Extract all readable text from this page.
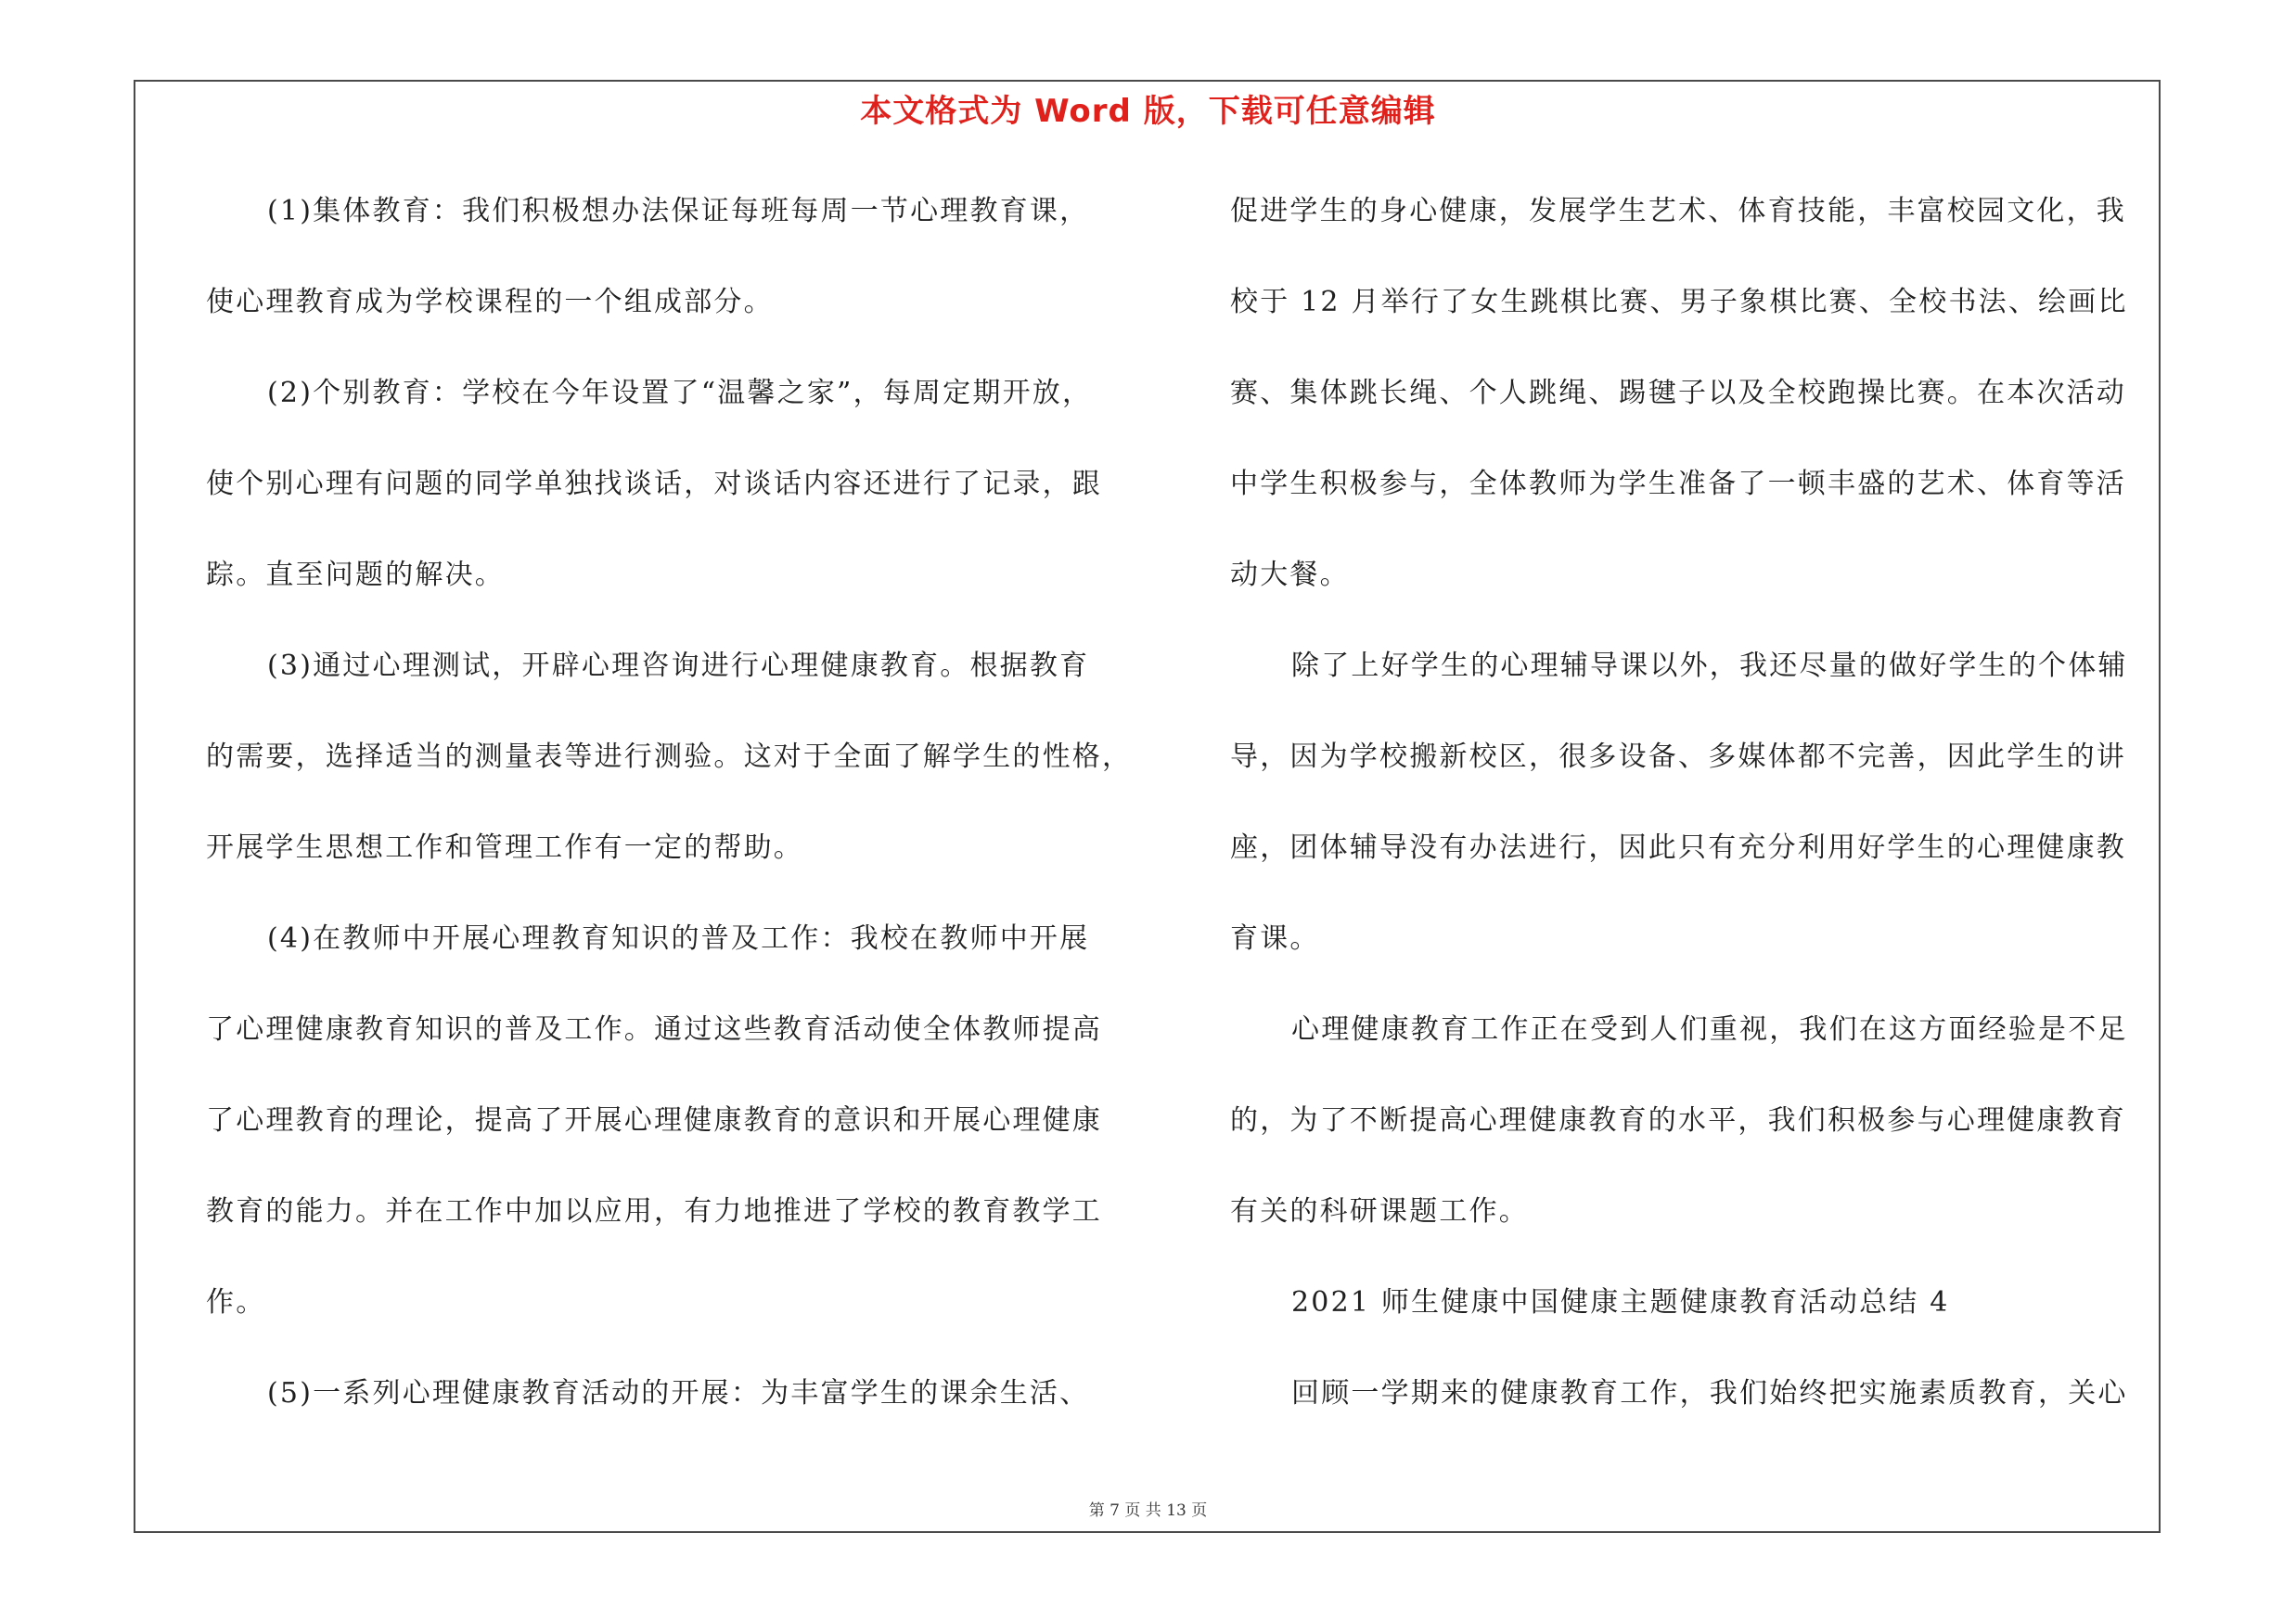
本文格式为 Word 版，下载可任意编辑
(1)集体教育：我们积极想办法保证每班每周一节心理教育课，
使心理教育成为学校课程的一个组成部分。
(2)个别教育：学校在今年设置了“温馨之家”，每周定期开放，
使个别心理有问题的同学单独找谈话，对谈话内容还进行了记录，跟
踪。直至问题的解决。
(3)通过心理测试，开辟心理咨询进行心理健康教育。根据教育
的需要，选择适当的测量表等进行测验。这对于全面了解学生的性格，
开展学生思想工作和管理工作有一定的帮助。
(4)在教师中开展心理教育知识的普及工作：我校在教师中开展
了心理健康教育知识的普及工作。通过这些教育活动使全体教师提高
了心理教育的理论，提高了开展心理健康教育的意识和开展心理健康
教育的能力。并在工作中加以应用，有力地推进了学校的教育教学工
作。
(5)一系列心理健康教育活动的开展：为丰富学生的课余生活、
促进学生的身心健康，发展学生艺术、体育技能，丰富校园文化，我
校于 12 月举行了女生跳棋比赛、男子象棋比赛、全校书法、绘画比
赛、集体跳长绳、个人跳绳、踢毽子以及全校跑操比赛。在本次活动
中学生积极参与，全体教师为学生准备了一顿丰盛的艺术、体育等活
动大餐。
除了上好学生的心理辅导课以外，我还尽量的做好学生的个体辅
导，因为学校搬新校区，很多设备、多媒体都不完善，因此学生的讲
座，团体辅导没有办法进行，因此只有充分利用好学生的心理健康教
育课。
心理健康教育工作正在受到人们重视，我们在这方面经验是不足
的，为了不断提高心理健康教育的水平，我们积极参与心理健康教育
有关的科研课题工作。
2021 师生健康中国健康主题健康教育活动总结 4
回顾一学期来的健康教育工作，我们始终把实施素质教育，关心
第 7 页 共 13 页
